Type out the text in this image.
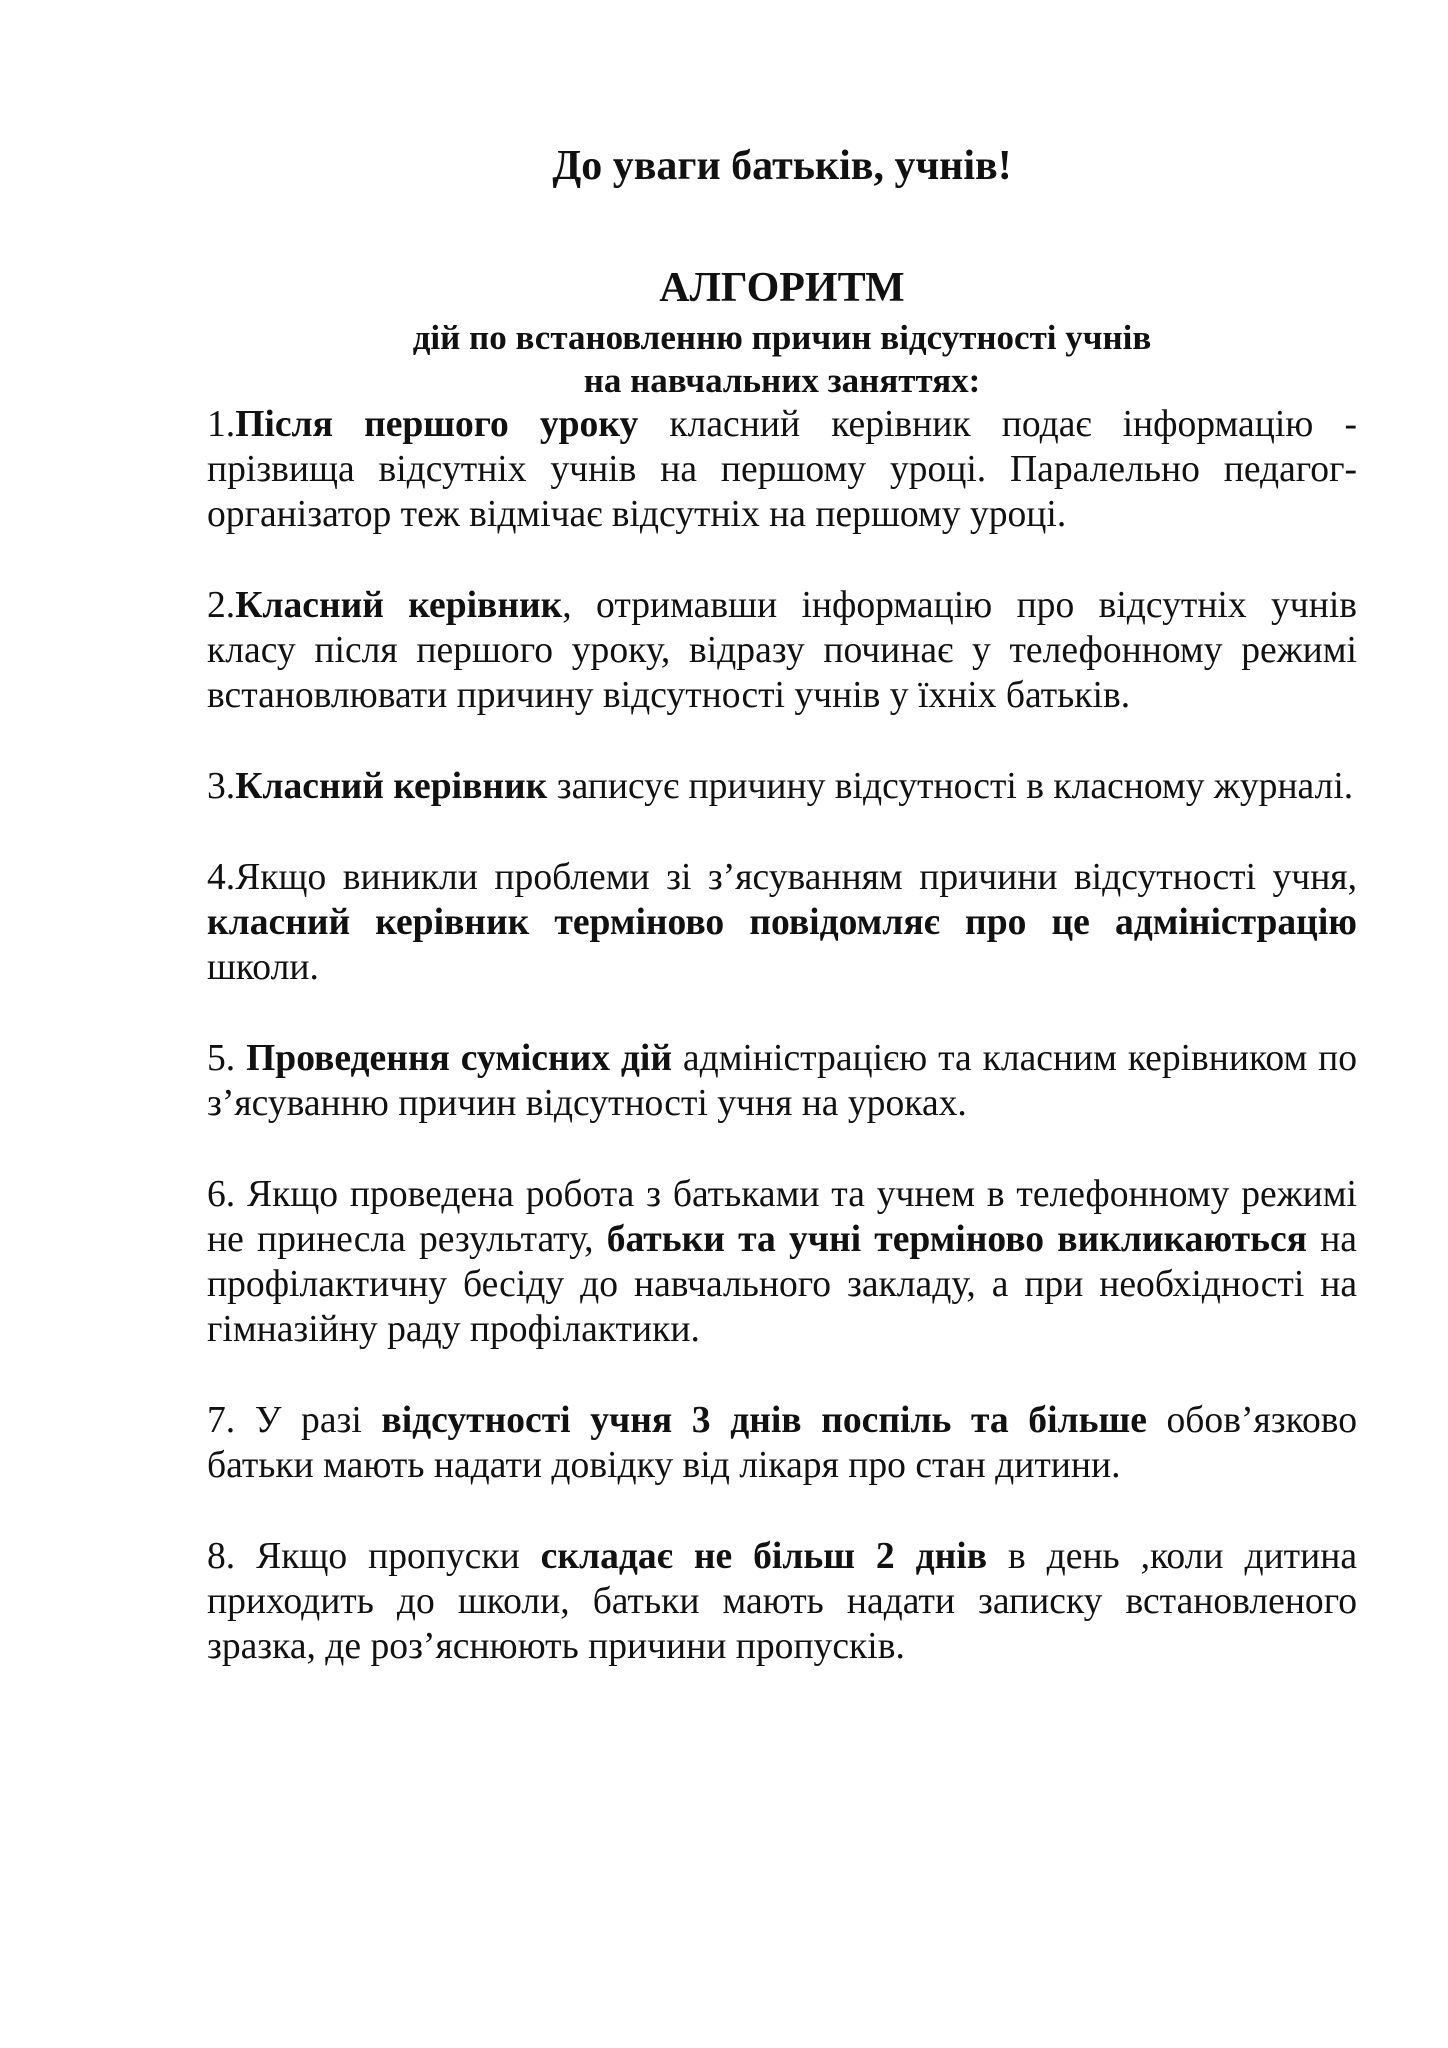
До уваги батьків, учнів!
АЛГОРИТМ
дій по встановленню причин відсутності учнів
на навчальних заняттях:

1.Після першого уроку класний керівник подає інформацію - прізвища відсутніх учнів на першому уроці. Паралельно педагог-організатор теж відмічає відсутніх на першому уроці.

2.Класний керівник, отримавши інформацію про відсутніх учнів класу після першого уроку, відразу починає у телефонному режимі встановлювати причину відсутності учнів у їхніх батьків.

3.Класний керівник записує причину відсутності в класному журналі.

4.Якщо виникли проблеми зі з’ясуванням причини відсутності учня, класний керівник терміново повідомляє про це адміністрацію школи.

5. Проведення сумісних дій адміністрацією та класним керівником по з’ясуванню причин відсутності учня на уроках.

6. Якщо проведена робота з батьками та учнем в телефонному режимі не принесла результату, батьки та учні терміново викликаються на профілактичну бесіду до навчального закладу, а при необхідності на гімназійну раду профілактики.

7. У разі відсутності учня 3 днів поспіль та більше обов’язково батьки мають надати довідку від лікаря про стан дитини.

8. Якщо пропуски складає не більш 2 днів в день ,коли дитина приходить до школи, батьки мають надати записку встановленого зразка, де роз’яснюють причини пропусків.
